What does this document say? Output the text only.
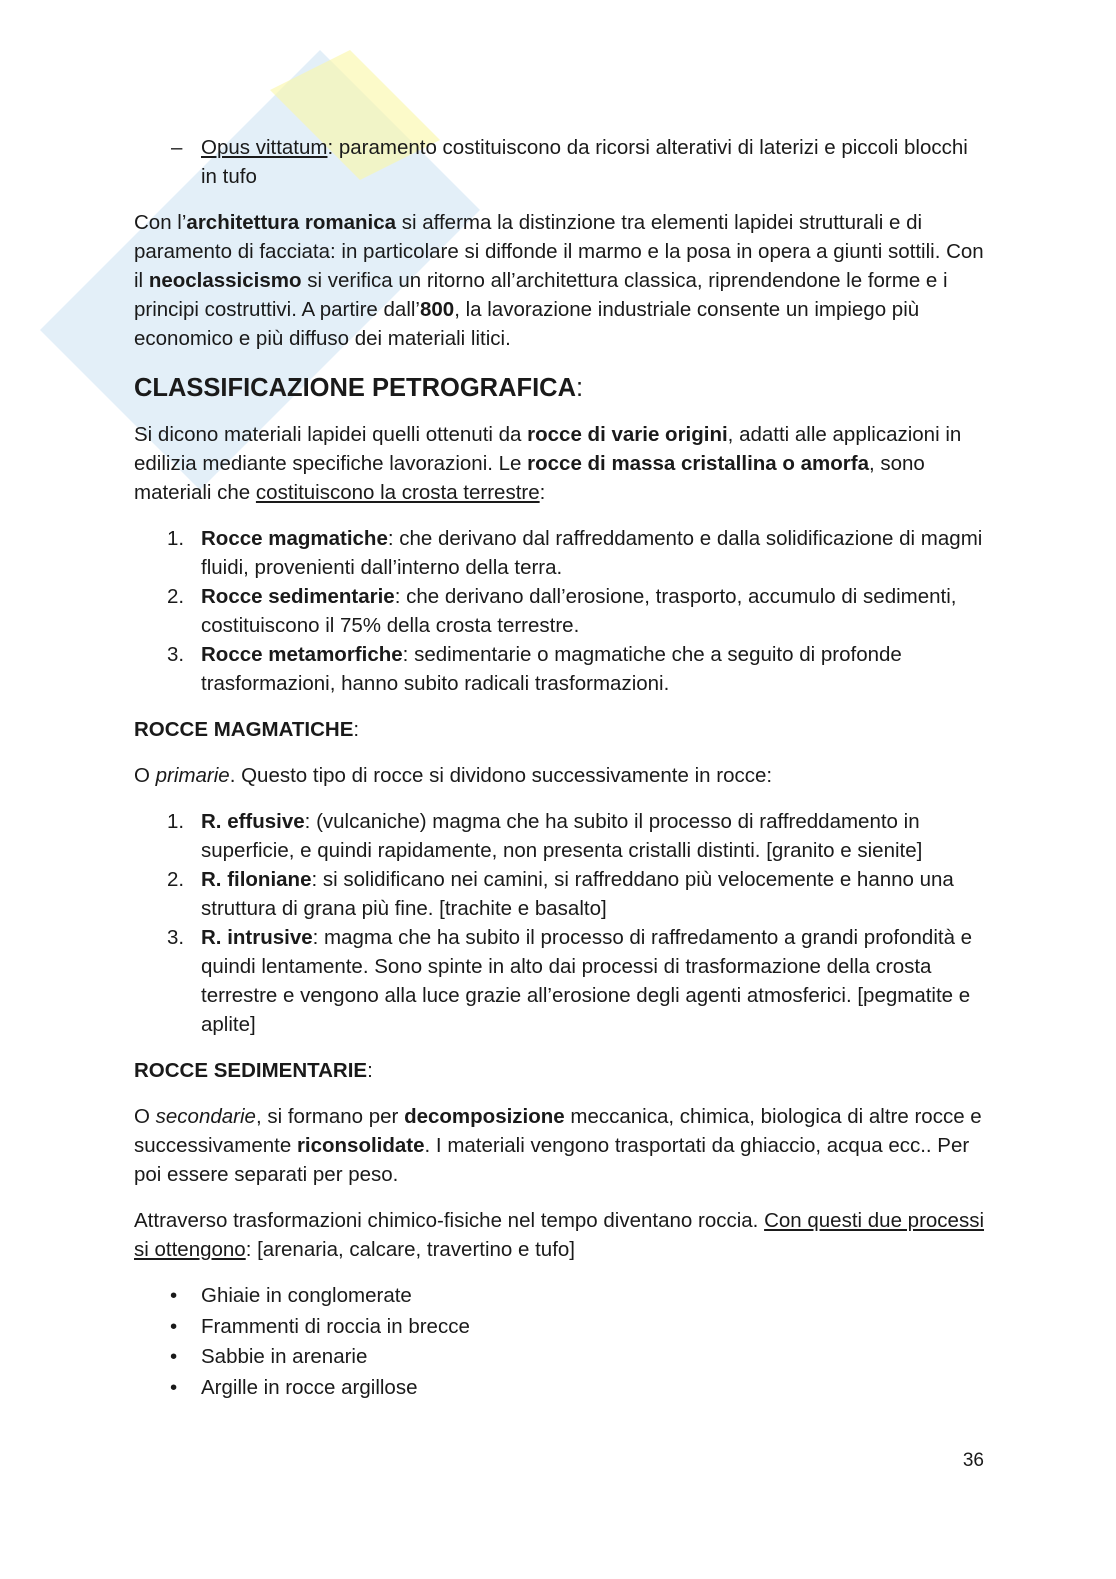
– Opus vittatum: paramento costituiscono da ricorsi alterativi di laterizi e piccoli blocchi in tufo

Con l’architettura romanica si afferma la distinzione tra elementi lapidei strutturali e di paramento di facciata: in particolare si diffonde il marmo e la posa in opera a giunti sottili. Con il neoclassicismo si verifica un ritorno all’architettura classica, riprendendone le forme e i principi costruttivi. A partire dall’800, la lavorazione industriale consente un impiego più economico e più diffuso dei materiali litici.

CLASSIFICAZIONE PETROGRAFICA:

Si dicono materiali lapidei quelli ottenuti da rocce di varie origini, adatti alle applicazioni in edilizia mediante specifiche lavorazioni. Le rocce di massa cristallina o amorfa, sono materiali che costituiscono la crosta terrestre:

1. Rocce magmatiche: che derivano dal raffreddamento e dalla solidificazione di magmi fluidi, provenienti dall’interno della terra.
2. Rocce sedimentarie: che derivano dall’erosione, trasporto, accumulo di sedimenti, costituiscono il 75% della crosta terrestre.
3. Rocce metamorfiche: sedimentarie o magmatiche che a seguito di profonde trasformazioni, hanno subito radicali trasformazioni.
ROCCE MAGMATICHE:

O primarie. Questo tipo di rocce si dividono successivamente in rocce:

1. R. effusive: (vulcaniche) magma che ha subito il processo di raffreddamento in superficie, e quindi rapidamente, non presenta cristalli distinti. [granito e sienite]
2. R. filoniane: si solidificano nei camini, si raffreddano più velocemente e hanno una struttura di grana più fine. [trachite e basalto]
3. R. intrusive: magma che ha subito il processo di raffredamento a grandi profondità e quindi lentamente. Sono spinte in alto dai processi di trasformazione della crosta terrestre e vengono alla luce grazie all’erosione degli agenti atmosferici. [pegmatite e aplite]
ROCCE SEDIMENTARIE:

O secondarie, si formano per decomposizione meccanica, chimica, biologica di altre rocce e successivamente riconsolidate. I materiali vengono trasportati da ghiaccio, acqua ecc.. Per poi essere separati per peso.

Attraverso trasformazioni chimico-fisiche nel tempo diventano roccia. Con questi due processi si ottengono: [arenaria, calcare, travertino e tufo]

• Ghiaie in conglomerate
• Frammenti di roccia in brecce
• Sabbie in arenarie
• Argille in rocce argillose
36
